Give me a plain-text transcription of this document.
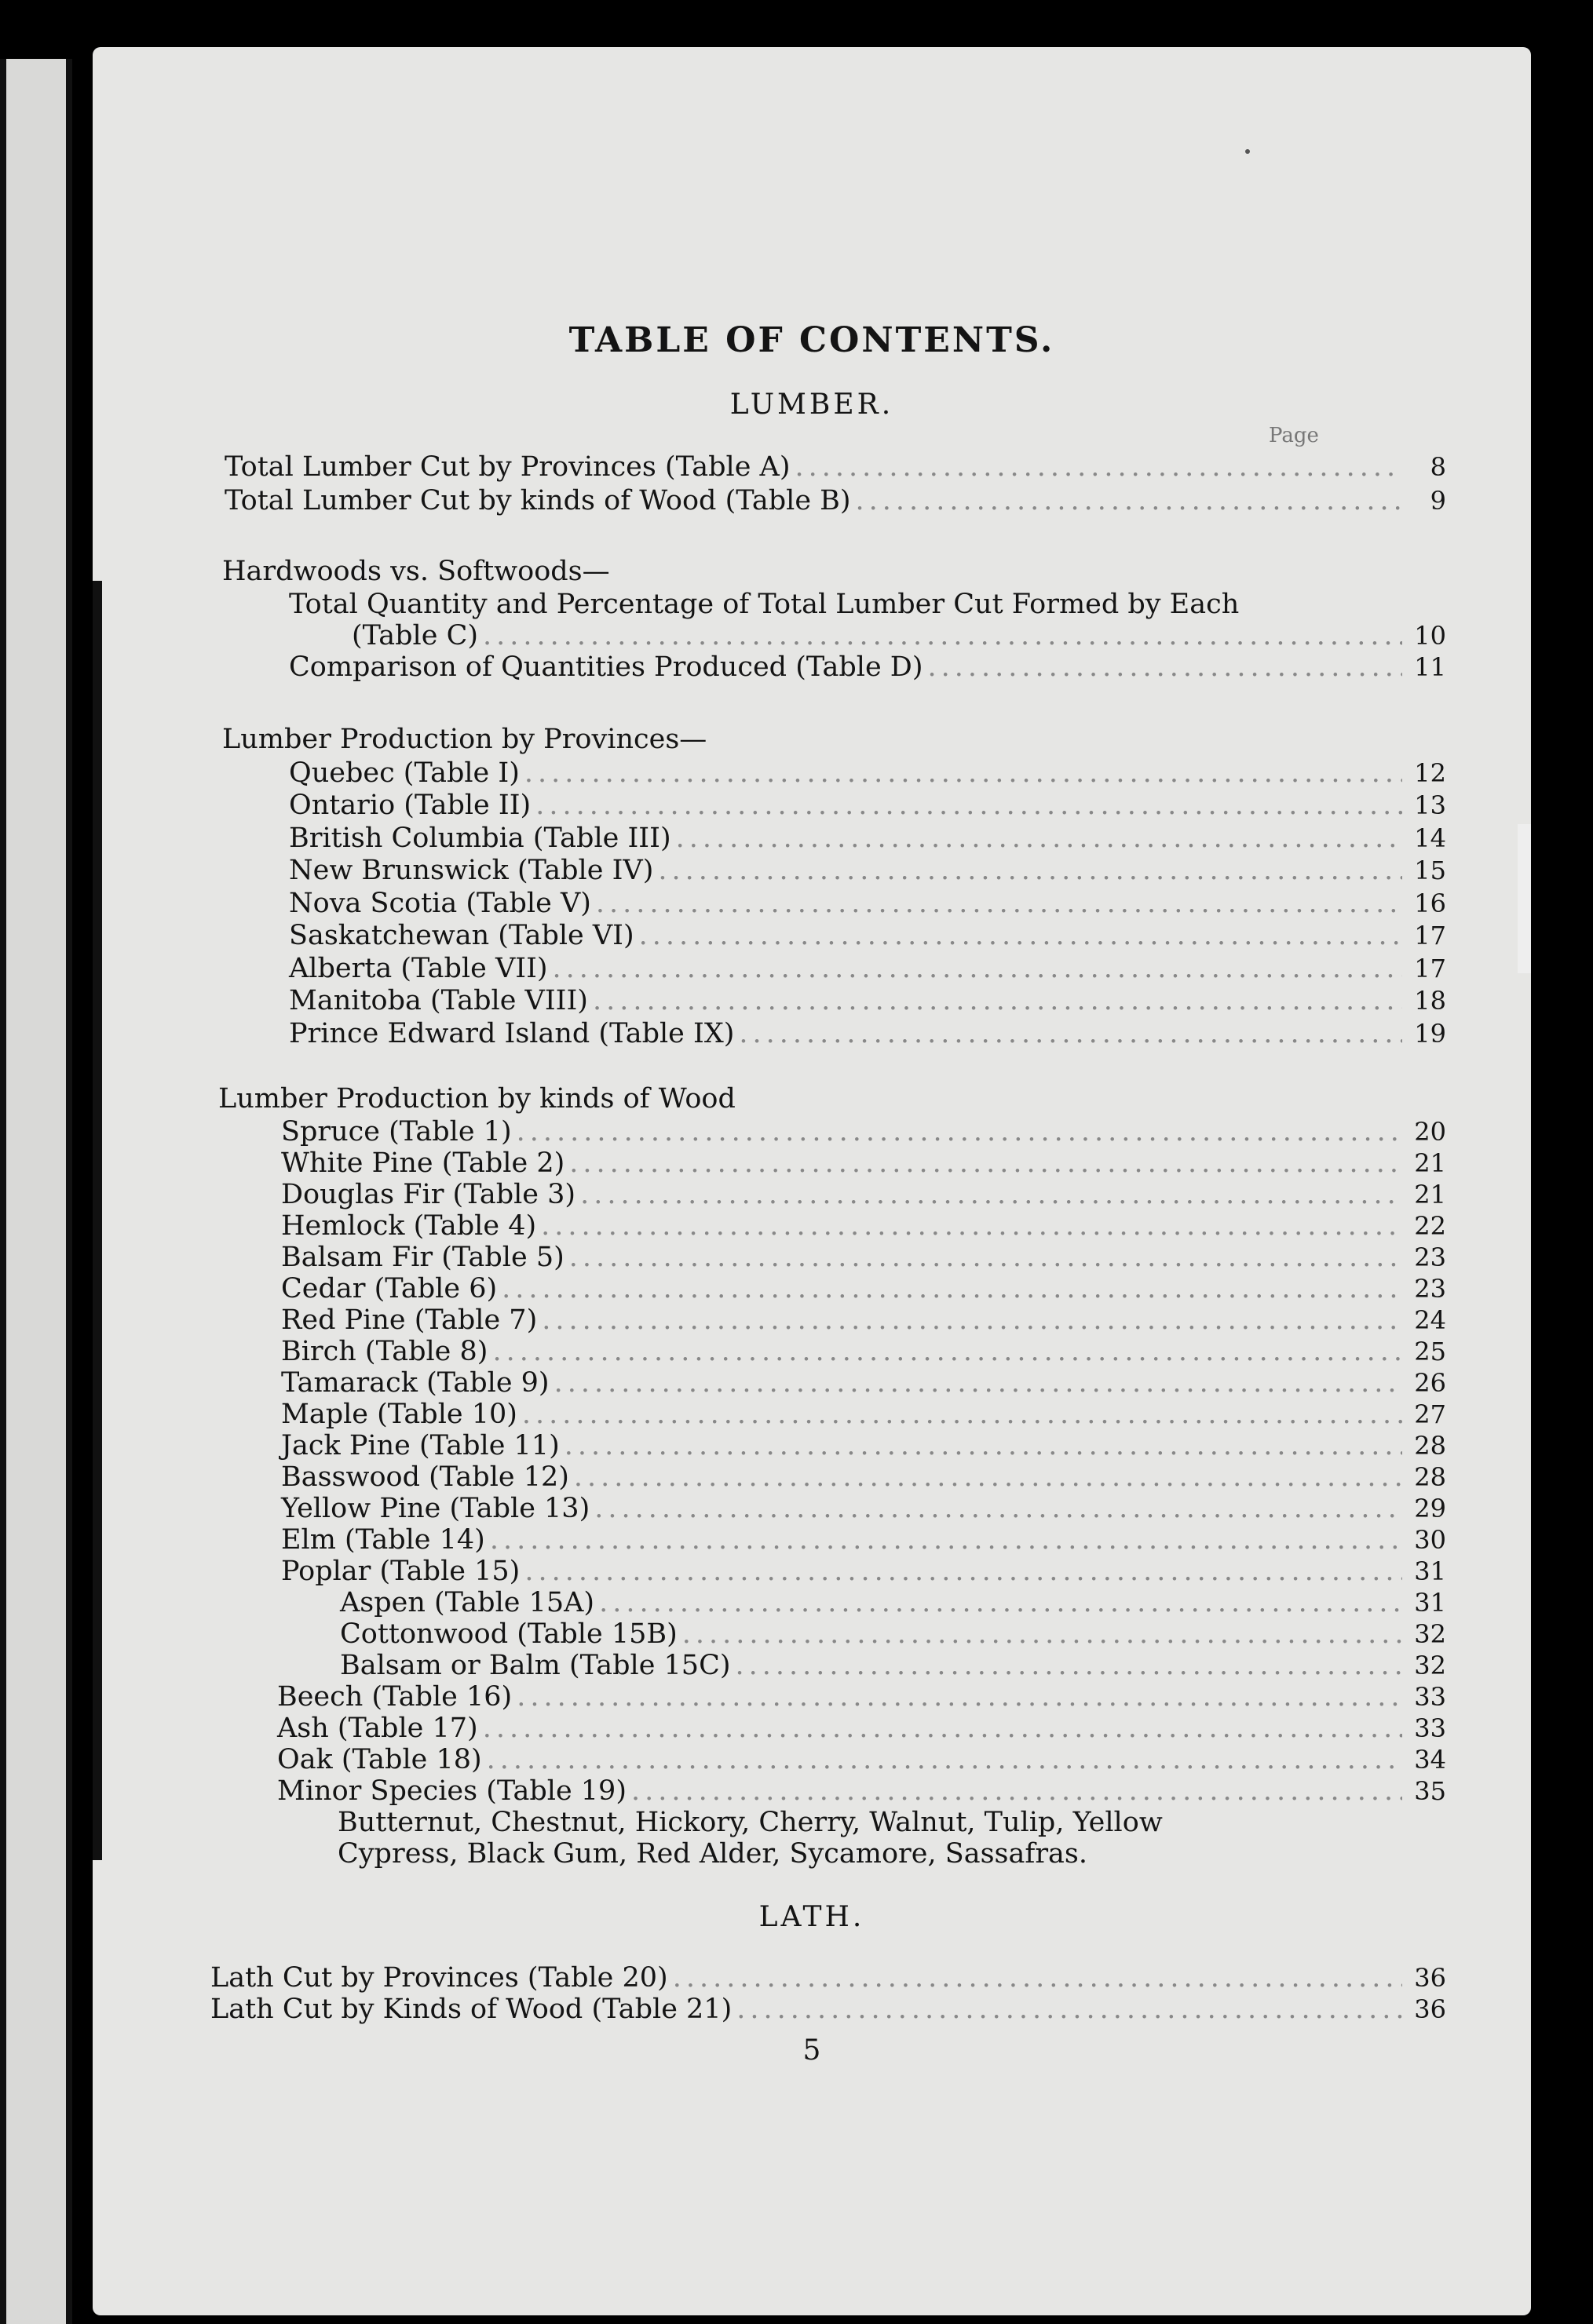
TABLE OF CONTENTS.
LUMBER.
Page
Total Lumber Cut by Provinces (Table A) .....	8
Total Lumber Cut by kinds of Wood (Table B) .....	9
Hardwoods vs. Softwoods—
Total Quantity and Percentage of Total Lumber Cut Formed by Each
(Table C) .....	10
Comparison of Quantities Produced (Table D) .....	11
Lumber Production by Provinces—
Quebec (Table I) .....	12
Ontario (Table II) .....	13
British Columbia (Table III) .....	14
New Brunswick (Table IV) .....	15
Nova Scotia (Table V) .....	16
Saskatchewan (Table VI) .....	17
Alberta (Table VII) .....	17
Manitoba (Table VIII) .....	18
Prince Edward Island (Table IX) .....	19
Lumber Production by kinds of Wood
Spruce (Table 1) .....	20
White Pine (Table 2) .....	21
Douglas Fir (Table 3) .....	21
Hemlock (Table 4) .....	22
Balsam Fir (Table 5) .....	23
Cedar (Table 6) .....	23
Red Pine (Table 7) .....	24
Birch (Table 8) .....	25
Tamarack (Table 9) .....	26
Maple (Table 10) .....	27
Jack Pine (Table 11) .....	28
Basswood (Table 12) .....	28
Yellow Pine (Table 13) .....	29
Elm (Table 14) .....	30
Poplar (Table 15) .....	31
Aspen (Table 15A) .....	31
Cottonwood (Table 15B) .....	32
Balsam or Balm (Table 15C) .....	32
Beech (Table 16) .....	33
Ash (Table 17) .....	33
Oak (Table 18) .....	34
Minor Species (Table 19) .....	35
Butternut, Chestnut, Hickory, Cherry, Walnut, Tulip, Yellow
Cypress, Black Gum, Red Alder, Sycamore, Sassafras.
LATH.
Lath Cut by Provinces (Table 20) .....	36
Lath Cut by Kinds of Wood (Table 21) .....	36
5
